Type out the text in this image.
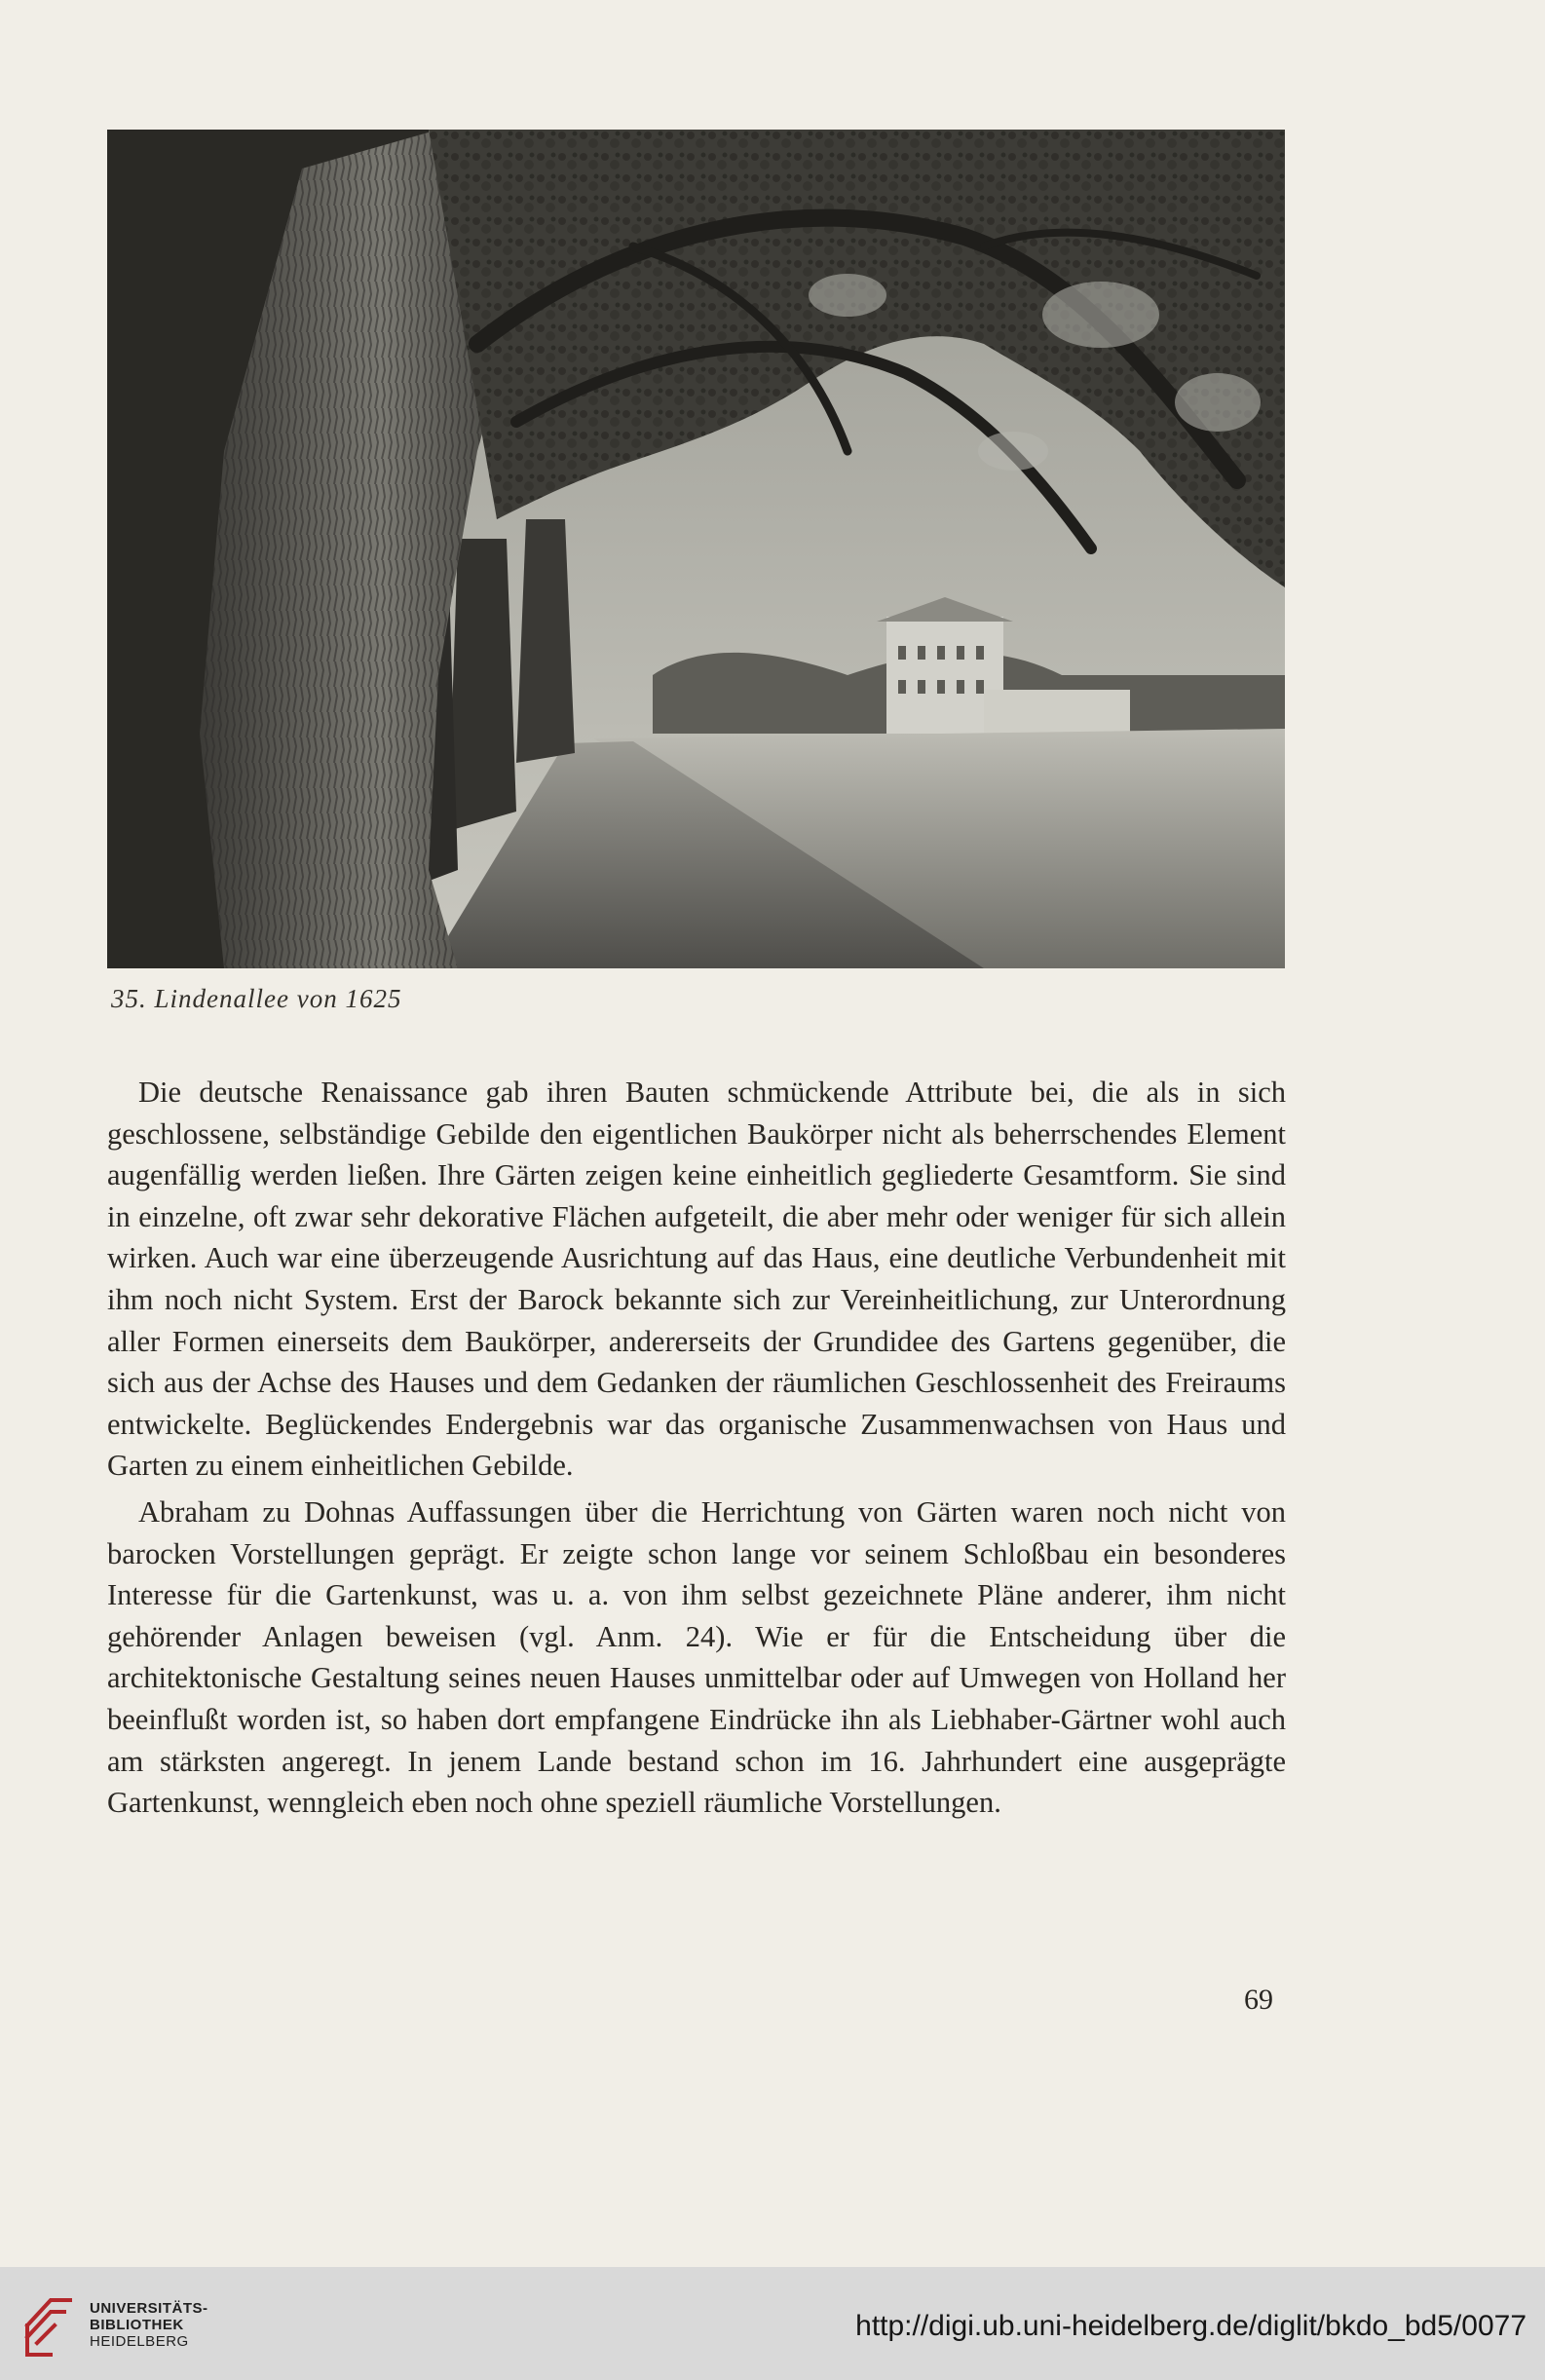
35. Lindenallee von 1625

Die deutsche Renaissance gab ihren Bauten schmückende Attribute bei, die als in sich geschlossene, selbständige Gebilde den eigentlichen Baukörper nicht als beherrschendes Element augenfällig werden ließen. Ihre Gärten zeigen keine einheitlich gegliederte Gesamtform. Sie sind in einzelne, oft zwar sehr dekorative Flächen aufgeteilt, die aber mehr oder weniger für sich allein wirken. Auch war eine überzeugende Ausrichtung auf das Haus, eine deutliche Verbundenheit mit ihm noch nicht System. Erst der Barock bekannte sich zur Vereinheitlichung, zur Unterordnung aller Formen einerseits dem Baukörper, andererseits der Grundidee des Gartens gegenüber, die sich aus der Achse des Hauses und dem Gedanken der räumlichen Geschlossenheit des Freiraums entwickelte. Beglückendes Endergebnis war das organische Zusammenwachsen von Haus und Garten zu einem einheitlichen Gebilde.

Abraham zu Dohnas Auffassungen über die Herrichtung von Gärten waren noch nicht von barocken Vorstellungen geprägt. Er zeigte schon lange vor seinem Schloßbau ein besonderes Interesse für die Gartenkunst, was u. a. von ihm selbst gezeichnete Pläne anderer, ihm nicht gehörender Anlagen beweisen (vgl. Anm. 24). Wie er für die Entscheidung über die architektonische Gestaltung seines neuen Hauses unmittelbar oder auf Umwegen von Holland her beeinflußt worden ist, so haben dort empfangene Eindrücke ihn als Liebhaber-Gärtner wohl auch am stärksten angeregt. In jenem Lande bestand schon im 16. Jahrhundert eine ausgeprägte Gartenkunst, wenngleich eben noch ohne speziell räumliche Vorstellungen.

69
UNIVERSITÄTS-
BIBLIOTHEK
HEIDELBERG	http://digi.ub.uni-heidelberg.de/diglit/bkdo_bd5/0077
